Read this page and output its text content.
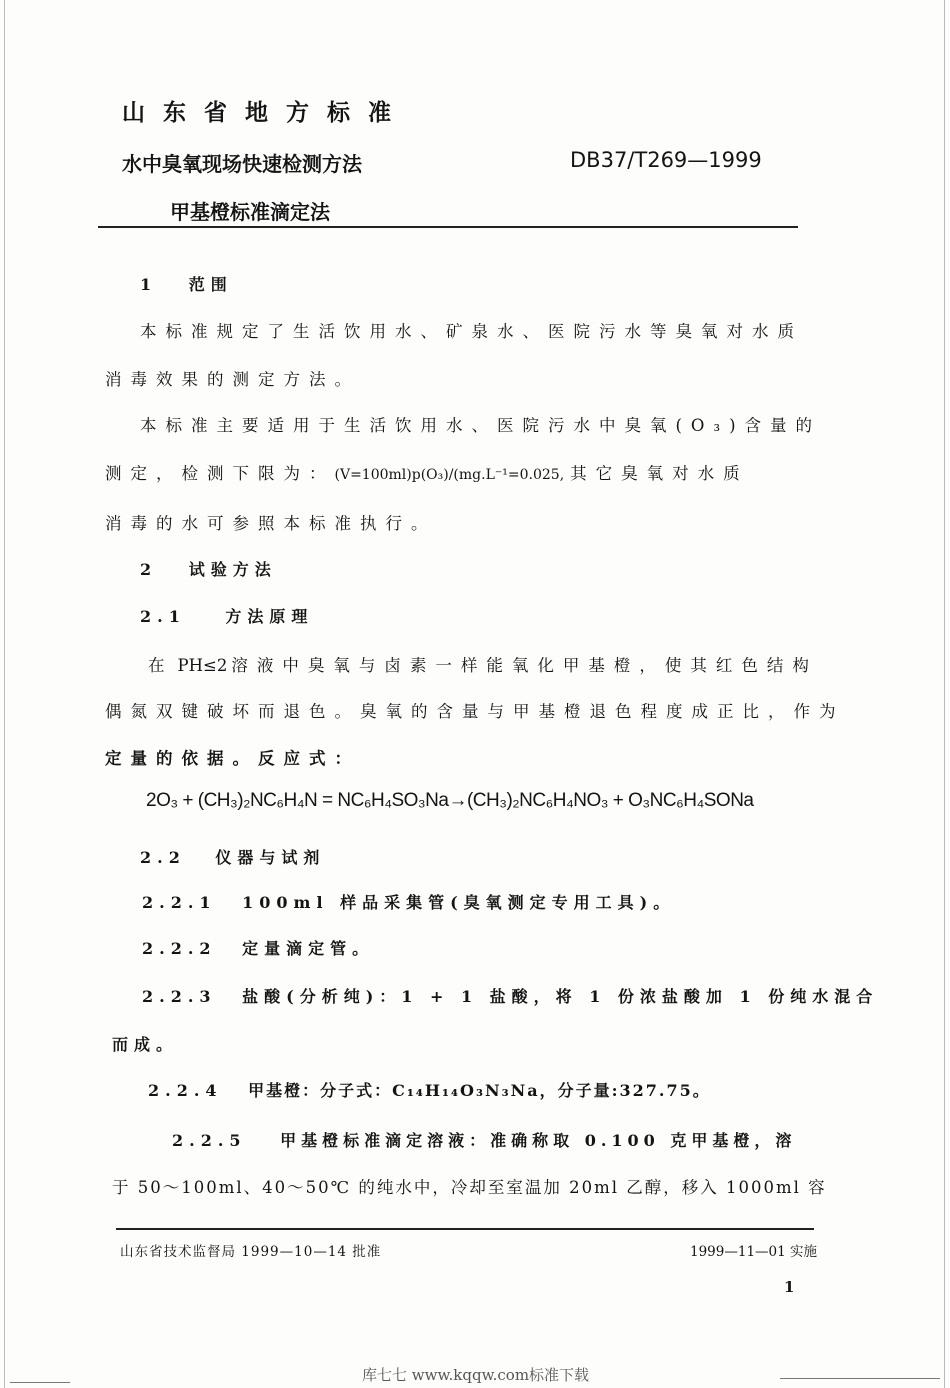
山东省地方标准
水中臭氧现场快速检测方法	DB37/T269—1999
甲基橙标准滴定法
1 范围
本标准规定了生活饮用水、矿泉水、医院污水等臭氧对水质
消毒效果的测定方法。
本标准主要适用于生活饮用水、医院污水中臭氧(O₃)含量的
测定，检测下限为：(V=100ml)p(O₃)/(mg.L⁻¹=0.025, 其它臭氧对水质
消毒的水可参照本标准执行。
2 试验方法
2.1 方法原理
在 PH≤2 溶液中臭氧与卤素一样能氧化甲基橙，使其红色结构
偶氮双键破坏而退色。臭氧的含量与甲基橙退色程度成正比，作为
定量的依据。反应式：
2O₃ + (CH₃)₂NC₆H₄N = NC₆H₄SO₃Na→(CH₃)₂NC₆H₄NO₃ + O₃NC₆H₄SONa
2.2 仪器与试剂
2.2.1 100ml 样品采集管(臭氧测定专用工具)。
2.2.2 定量滴定管。
2.2.3 盐酸(分析纯)：1 + 1 盐酸，将 1 份浓盐酸加 1 份纯水混合
而成。
2.2.4 甲基橙：分子式：C₁₄H₁₄O₃N₃Na，分子量:327.75。
2.2.5 甲基橙标准滴定溶液：准确称取 0.100 克甲基橙，溶
于 50～100ml、40～50℃ 的纯水中，冷却至室温加 20ml 乙醇，移入 1000ml 容
山东省技术监督局 1999—10—14 批准	1999—11—01 实施
1
库七七 www.kqqw.com标准下载
